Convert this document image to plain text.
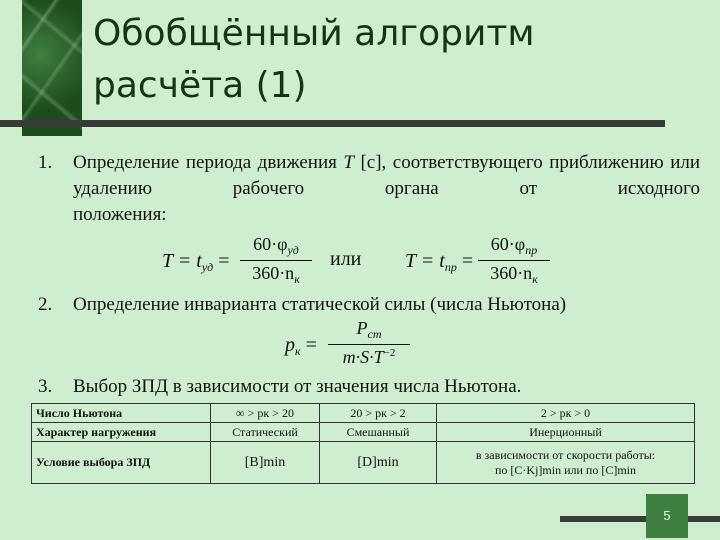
Обобщённый алгоритм
расчёта (1)
1. Определение периода движения T [с], соответствующего приближению или удалению рабочего органа от исходного
положения:
$T = t_{уд}$ =
$60\cdot\varphi_{уд}$
$360\cdot n_к$
или $T = t_{пр}$ =
$60\cdot\varphi_{пр}$
$360\cdot n_к$
2. Определение инварианта статической силы (числа Ньютона)
$p_к$ =
$P_{ст}$
$m\cdot S\cdot T^{-2}$
3. Выбор ЗПД в зависимости от значения числа Ньютона.
Число Ньютона	∞ > pк > 20	20 > pк > 2	2 > pк > 0
Характер нагружения	Статический	Смешанный	Инерционный
Условие выбора ЗПД	[B]min	[D]min	в зависимости от скорости работы:
по [C·Kj]min или по [C]min
5
